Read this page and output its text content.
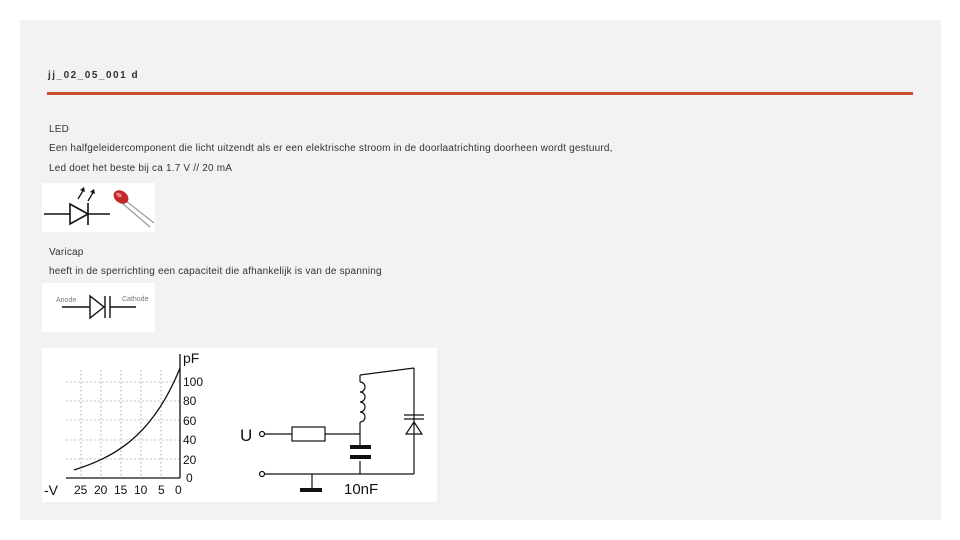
jj_02_05_001 d
LED
Een halfgeleidercomponent die licht uitzendt als er een elektrische stroom in de doorlaatrichting doorheen wordt gestuurd,
Led doet het beste bij ca 1.7 V // 20 mA
Varicap
heeft in de sperrichting een capaciteit die afhankelijk is van de spanning
Anode	Cathode
pF
100
80
60
40
20
0
-V 25 20 15 10 5 0
U
10nF
